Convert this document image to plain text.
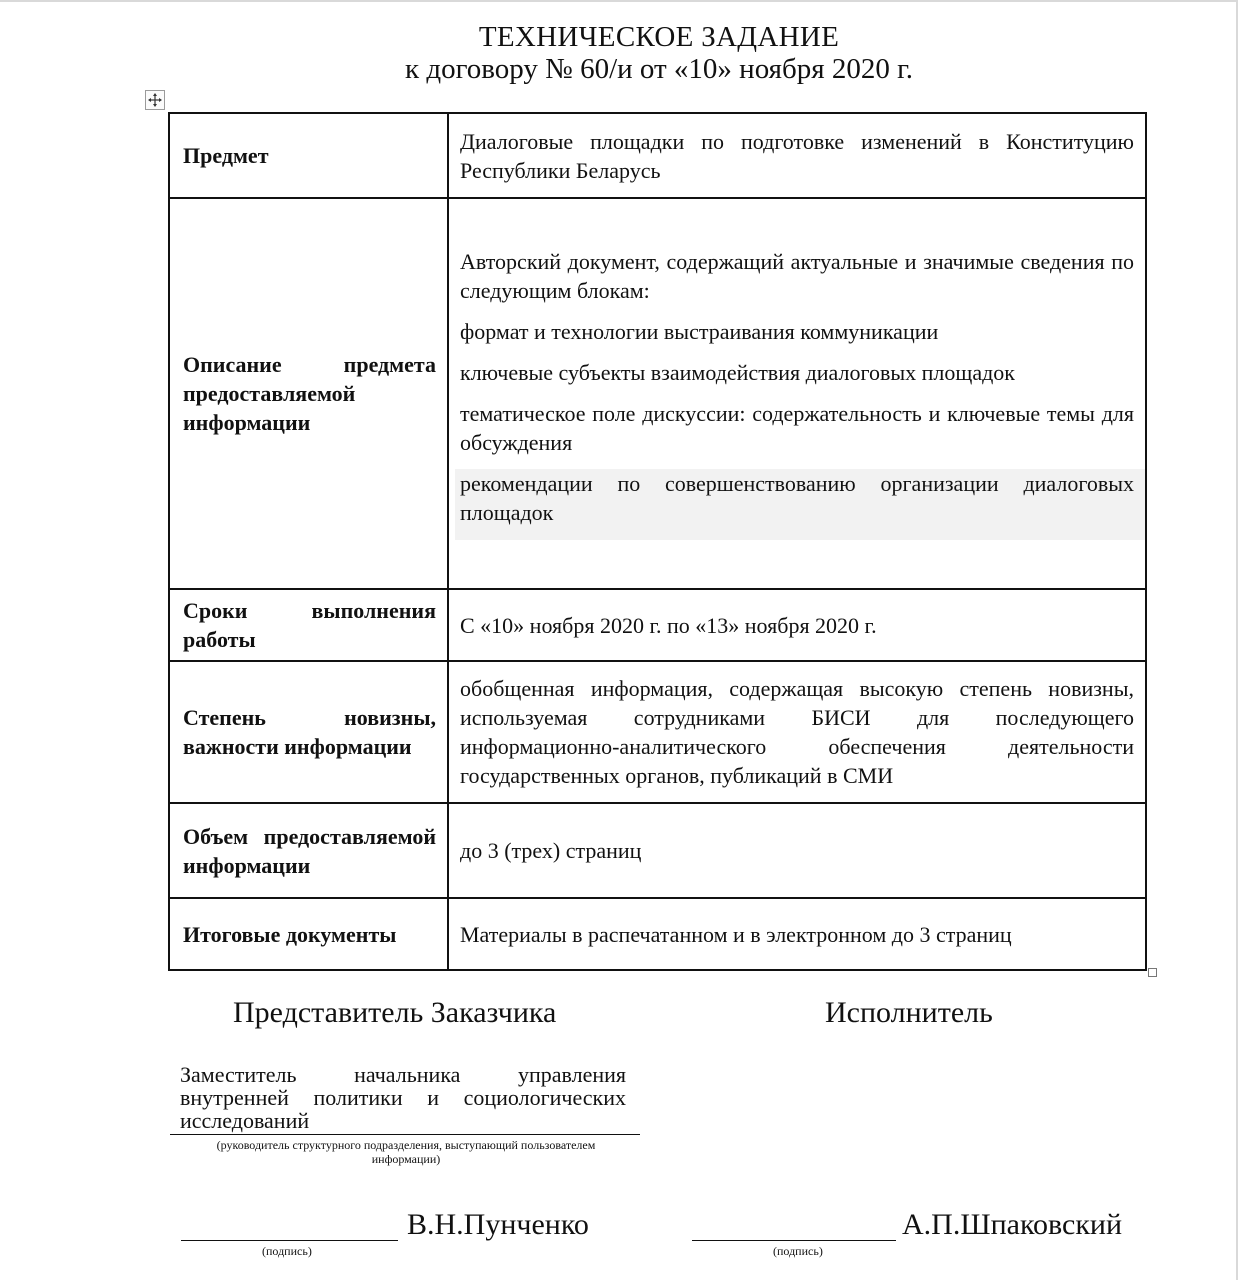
ТЕХНИЧЕСКОЕ ЗАДАНИЕ
к договору № 60/и от «10» ноября 2020 г.
Предмет	Диалоговые площадки по подготовке изменений в Конституцию Республики Беларусь

Описание предмета предоставляемой информации	Авторский документ, содержащий актуальные и значимые сведения по следующим блокам:

формат и технологии выстраивания коммуникации

ключевые субъекты взаимодействия диалоговых площадок

тематическое поле дискуссии: содержательность и ключевые темы для обсуждения

рекомендации по совершенствованию организации диалоговых площадок

Сроки выполнения работы	С «10» ноября 2020 г. по «13» ноября 2020 г.

Степень новизны, важности информации	обобщенная информация, содержащая высокую степень новизны, используемая сотрудниками БИСИ для последующего информационно-аналитического обеспечения деятельности государственных органов, публикаций в СМИ

Объем предоставляемой информации	до 3 (трех) страниц

Итоговые документы	Материалы в распечатанном и в электронном до 3 страниц

Представитель Заказчика	Исполнитель
Заместитель начальника управления внутренней политики и социологических исследований
(руководитель структурного подразделения, выступающий пользователем информации)
В.Н.Пунченко
(подпись)
А.П.Шпаковский
(подпись)
